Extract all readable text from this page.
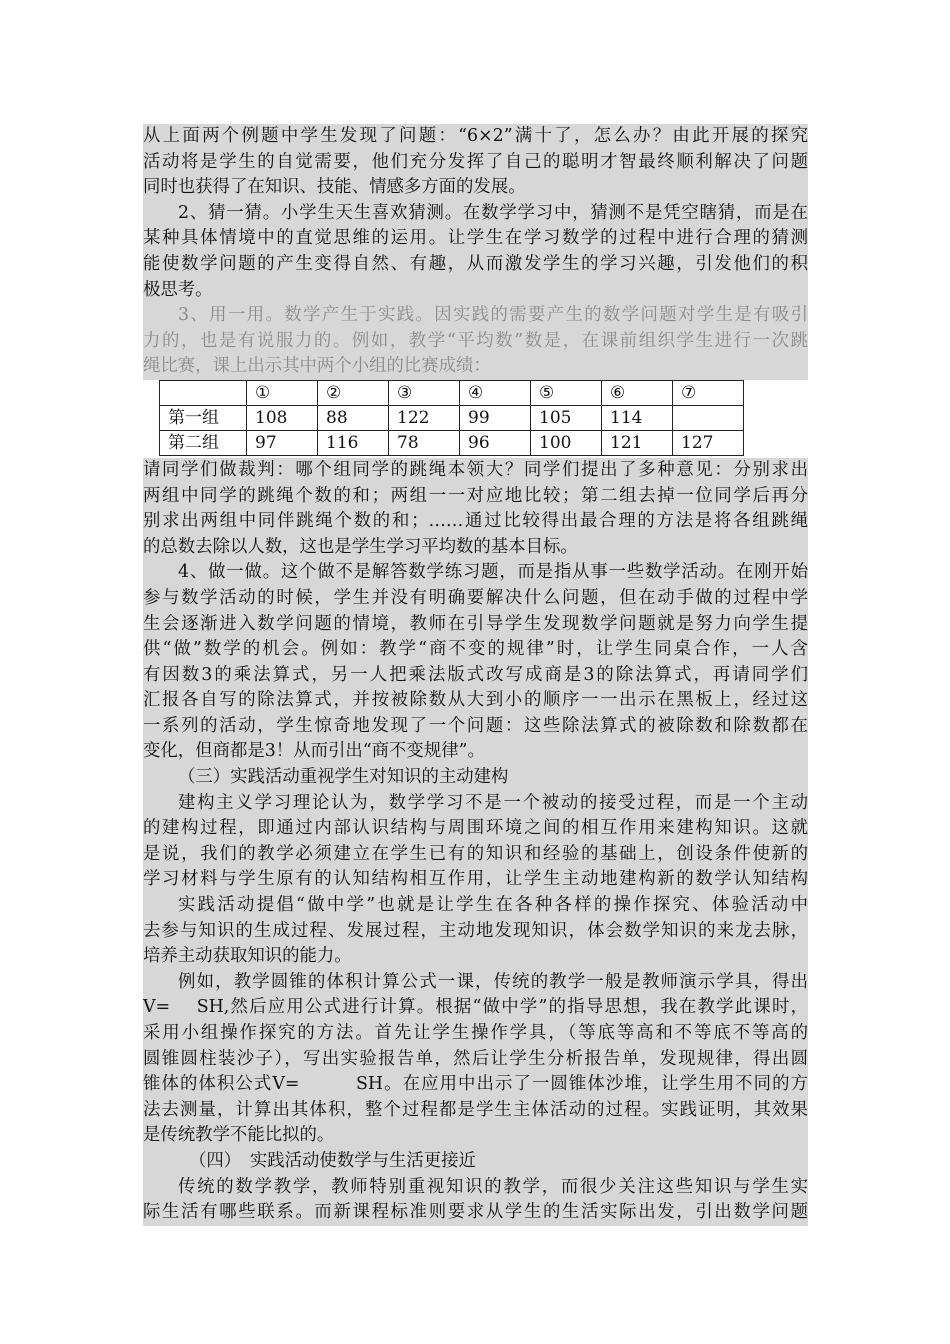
从上面两个例题中学生发现了问题：“6×2”满十了，怎么办？由此开展的探究
活动将是学生的自觉需要，他们充分发挥了自己的聪明才智最终顺利解决了问题
同时也获得了在知识、技能、情感多方面的发展。
2、猜一猜。小学生天生喜欢猜测。在数学学习中，猜测不是凭空瞎猜，而是在
某种具体情境中的直觉思维的运用。让学生在学习数学的过程中进行合理的猜测
能使数学问题的产生变得自然、有趣，从而激发学生的学习兴趣，引发他们的积
极思考。
3、用一用。数学产生于实践。因实践的需要产生的数学问题对学生是有吸引
力的，也是有说服力的。例如，教学“平均数”数是，在课前组织学生进行一次跳
绳比赛，课上出示其中两个小组的比赛成绩：
	①	②	③	④	⑤	⑥	⑦
第一组	108	88	122	99	105	114	
第二组	97	116	78	96	100	121	127
请同学们做裁判：哪个组同学的跳绳本领大？同学们提出了多种意见：分别求出
两组中同学的跳绳个数的和；两组一一对应地比较；第二组去掉一位同学后再分
别求出两组中同伴跳绳个数的和；……通过比较得出最合理的方法是将各组跳绳
的总数去除以人数，这也是学生学习平均数的基本目标。
4、做一做。这个做不是解答数学练习题，而是指从事一些数学活动。在刚开始
参与数学活动的时候，学生并没有明确要解决什么问题，但在动手做的过程中学
生会逐渐进入数学问题的情境，教师在引导学生发现数学问题就是努力向学生提
供“做”数学的机会。例如：教学“商不变的规律”时，让学生同桌合作，一人含
有因数3的乘法算式，另一人把乘法版式改写成商是3的除法算式，再请同学们
汇报各自写的除法算式，并按被除数从大到小的顺序一一出示在黑板上，经过这
一系列的活动，学生惊奇地发现了一个问题：这些除法算式的被除数和除数都在
变化，但商都是3！从而引出“商不变规律”。
（三）实践活动重视学生对知识的主动建构
建构主义学习理论认为，数学学习不是一个被动的接受过程，而是一个主动
的建构过程，即通过内部认识结构与周围环境之间的相互作用来建构知识。这就
是说，我们的教学必须建立在学生已有的知识和经验的基础上，创设条件使新的
学习材料与学生原有的认知结构相互作用，让学生主动地建构新的数学认知结构
实践活动提倡“做中学”也就是让学生在各种各样的操作探究、体验活动中
去参与知识的生成过程、发展过程，主动地发现知识，体会数学知识的来龙去脉，
培养主动获取知识的能力。
例如，教学圆锥的体积计算公式一课，传统的教学一般是教师演示学具，得出
V=　 SH,然后应用公式进行计算。根据“做中学”的指导思想，我在教学此课时，
采用小组操作探究的方法。首先让学生操作学具，（等底等高和不等底不等高的
圆锥圆柱装沙子），写出实验报告单，然后让学生分析报告单，发现规律，得出圆
锥体的体积公式V=　　　SH。在应用中出示了一圆锥体沙堆，让学生用不同的方
法去测量，计算出其体积，整个过程都是学生主体活动的过程。实践证明，其效果
是传统教学不能比拟的。
（四）　实践活动使数学与生活更接近
传统的数学教学，教师特别重视知识的教学，而很少关注这些知识与学生实
际生活有哪些联系。而新课程标准则要求从学生的生活实际出发，引出数学问题
